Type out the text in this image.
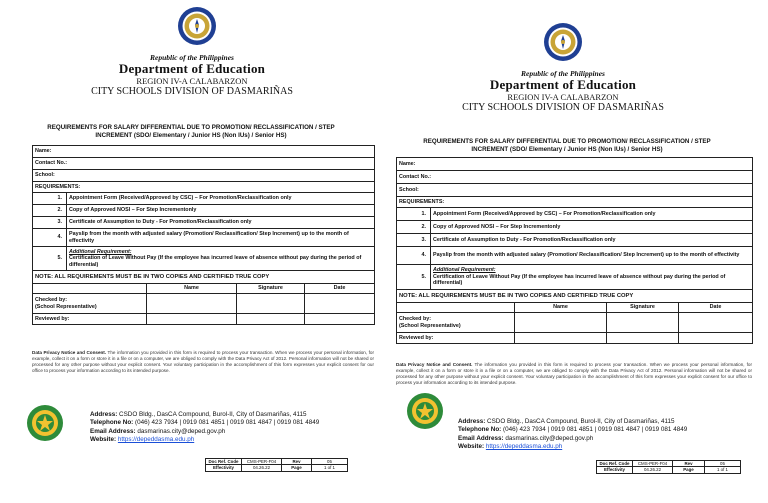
Republic of the Philippines
Department of Education
REGION IV-A CALABARZON
CITY SCHOOLS DIVISION OF DASMARIÑAS
REQUIREMENTS FOR SALARY DIFFERENTIAL DUE TO PROMOTION/ RECLASSIFICATION / STEP
INCREMENT (SDO/ Elementary / Junior HS (Non IUs) / Senior HS)
Name:				
Contact No.:				
School:				
REQUIREMENTS:				
1.	Appointment Form (Received/Approved by CSC) – For Promotion/Reclassification only			
2.	Copy of Approved NOSI – For Step Incrementonly			
3.	Certificate of Assumption to Duty - For Promotion/Reclassification only			
4.	Payslip from the month with adjusted salary (Promotion/ Reclassification/ Step Increment) up to the month of effectivity			
5.	Additional Requirement:
Certification of Leave Without Pay (If the employee has incurred leave of absence without pay during the period of differential)			

NOTE: ALL REQUIREMENTS MUST BE IN TWO COPIES AND CERTIFIED TRUE COPY				
		Name	Signature	Date

Checked by:
(School Representative)				

Reviewed by:				
Data Privacy Notice and Consent. The information you provided in this form is required to process your transaction. When we process your personal information, for example, collect it on a form or store it in a file or on a computer, we are obliged to comply with the Data Privacy Act of 2012. Personal information will not be shared or processed for any other purpose without your explicit consent. Your voluntary participation in the accomplishment of this form expresses your explicit consent for our office to process your information according to its intended purpose.
Address: CSDO Bldg., DasCA Compound, Burol-II, City of Dasmariñas, 4115
Telephone No: (046) 423 7934 | 0919 081 4851 | 0919 081 4847 | 0919 081 4849
Email Address: dasmarinas.city@deped.gov.ph
Website: https://depeddasma.edu.ph
Doc Ref. Code	CMS-PER-F04	Rev	05
Effectivity	04.26.22	Page	1 of 1
Republic of the Philippines
Department of Education
REGION IV-A CALABARZON
CITY SCHOOLS DIVISION OF DASMARIÑAS
REQUIREMENTS FOR SALARY DIFFERENTIAL DUE TO PROMOTION/ RECLASSIFICATION / STEP
INCREMENT (SDO/ Elementary / Junior HS (Non IUs) / Senior HS)
Name:				
Contact No.:				
School:				
REQUIREMENTS:				
1.	Appointment Form (Received/Approved by CSC) – For Promotion/Reclassification only			
2.	Copy of Approved NOSI – For Step Incrementonly			
3.	Certificate of Assumption to Duty - For Promotion/Reclassification only			
4.	Payslip from the month with adjusted salary (Promotion/ Reclassification/ Step Increment) up to the month of effectivity			
5.	Additional Requirement:
Certification of Leave Without Pay (If the employee has incurred leave of absence without pay during the period of differential)			

NOTE: ALL REQUIREMENTS MUST BE IN TWO COPIES AND CERTIFIED TRUE COPY				
		Name	Signature	Date

Checked by:
(School Representative)				

Reviewed by:				
Data Privacy Notice and Consent. The information you provided in this form is required to process your transaction. When we process your personal information, for example, collect it on a form or store it in a file or on a computer, we are obliged to comply with the Data Privacy Act of 2012. Personal information will not be shared or processed for any other purpose without your explicit consent. Your voluntary participation in the accomplishment of this form expresses your explicit consent for our office to process your information according to its intended purpose.
Address: CSDO Bldg., DasCA Compound, Burol-II, City of Dasmariñas, 4115
Telephone No: (046) 423 7934 | 0919 081 4851 | 0919 081 4847 | 0919 081 4849
Email Address: dasmarinas.city@deped.gov.ph
Website: https://depeddasma.edu.ph
Doc Ref. Code	CMS-PER-F04	Rev	05
Effectivity	04.26.22	Page	1 of 1
